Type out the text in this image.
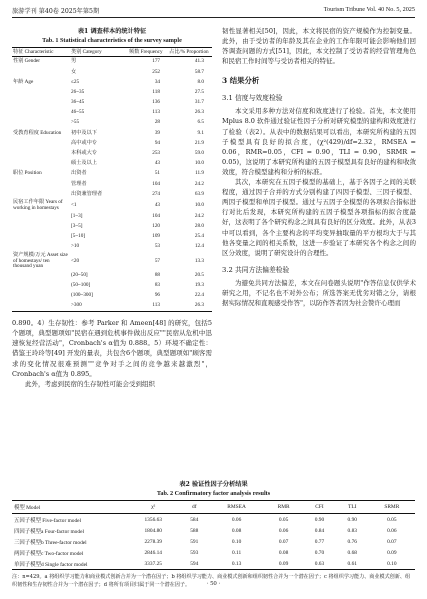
旅游学刊 第40卷 2025年第5期	Tourism Tribune Vol. 40 No. 5, 2025
表1 调查样本的统计特征
Tab. 1 Statistical characteristics of the survey sample
特征 Characteristic	类别 Category	频数 Frequency	占比/% Proportion
性别 Gender	男	177	41.3
	女	252	58.7
年龄 Age	≤25	34	8.0
	26~35	118	27.5
	36~45	136	31.7
	46~55	113	26.3
	>55	28	6.5
受教育程度 Education	初中及以下	39	9.1
	高中或中专	94	21.9
	本科或大专	253	59.0
	硕士及以上	43	10.0
职位 Position	出资者	51	11.9
	管理者	104	24.2
	出资兼管理者	274	63.9
民宿工作年限 Years of working in homestays	<1	43	10.0
	[1~3]	104	24.2
	[3~5]	120	28.0
	[5~10]	109	25.4
	>10	53	12.4
资产规模/万元 Asset size of homestays/ ten thousand yuan	<20	57	13.3
	(20~50]	88	20.5
	(50~100]	83	19.3
	(100~300]	96	22.4
	>300	113	26.3

0.890。4）生存韧性：参考 Parker 和 Ameen[48] 的研究，包括5个题项，典型题项如"民宿在遇到危机事件做出反应""民宿从危机中迅速恢复经营活动"，Cronbach's α值为 0.888。5）环境不确定性：借鉴王玲玲等[49] 开发的量表，共包含6个题项，典型题项如"顾客需求的变化情况很难预测""竞争对手之间的竞争越来越激烈"，Cronbach's α值为 0.895。

此外，考虑到民宿的生存韧性可能会受到组织

韧性显著相关[50]，因此，本文将民宿的资产规模作为控制变量。此外，由于受访者的年龄及其在企业的工作年限可能会影响他们回答调查问题的方式[51]，因此，本文控制了受访者的经营管理角色和民宿工作时间等与受访者相关的特征。

3 结果分析
3.1 信度与效度检验

本文采用多种方法对信度和效度进行了检验。首先，本文使用 Mplus 8.0 软件通过验证性因子分析对研究模型的建构和效度进行了检验（表2）。从表中的数据结果可以看出，本研究所构建的五因子模型具有良好的拟合度，(χ²(429)/df=2.32，RMSEA = 0.06，RMR=0.05，CFI = 0.90，TLI = 0.90，SRMR = 0.05)，这说明了本研究所构建的五因子模型具有良好的建构和收敛效度，符合模型建构和分析的标准。

其次，本研究在五因子模型的基础上，基于各因子之间的关联程度，通过因子合并的方式分别构建了四因子模型、三因子模型、两因子模型和单因子模型。通过与五因子全模型的各项拟合指标进行对比后发现，本研究所构建的五因子模型各项指标的拟合度最好，这表明了各个研究构念之间具有良好的区分效度。此外，从表3中可以看到，各个主要构念的平均变异抽取量的平方根均大于与其他各变量之间的相关系数，这进一步验证了本研究各个构念之间的区分效度，说明了研究设计的合理性。

3.2 共同方法偏差检验

为避免共同方法偏差，本文在问卷题头说明"作答信息仅供学术研究之用，不记名也不对外公布；所选答案无优劣对错之分，请根据实际情况和直观感受作答"，以防作答者因为社会赞许心理而

表2 验证性因子分析结果
Tab. 2 Confirmatory factor analysis results
模型 Model	χ²	df	RMSEA	RMR	CFI	TLI	SRMR
五因子模型 Five-factor model	1356.63	584	0.06	0.05	0.90	0.90	0.05
四因子模型a Four-factor model	1804.80	588	0.08	0.06	0.84	0.83	0.06
三因子模型b Three-factor model	2278.39	591	0.10	0.07	0.77	0.76	0.07
两因子模型c Two-factor model	2846.14	593	0.11	0.08	0.70	0.68	0.09
单因子模型d Single factor model	3337.25	594	0.13	0.09	0.63	0.61	0.10

注：n=429。a 将组织学习能力和商业模式创新合并为一个潜在因子；b 将组织学习能力、商业模式创新和组织韧性合并为一个潜在因子；c 将组织学习能力、商业模式创新、组织韧性和生存韧性合并为一个潜在因子；d 将所有项目归属于同一个潜在因子。	· 50 ·
